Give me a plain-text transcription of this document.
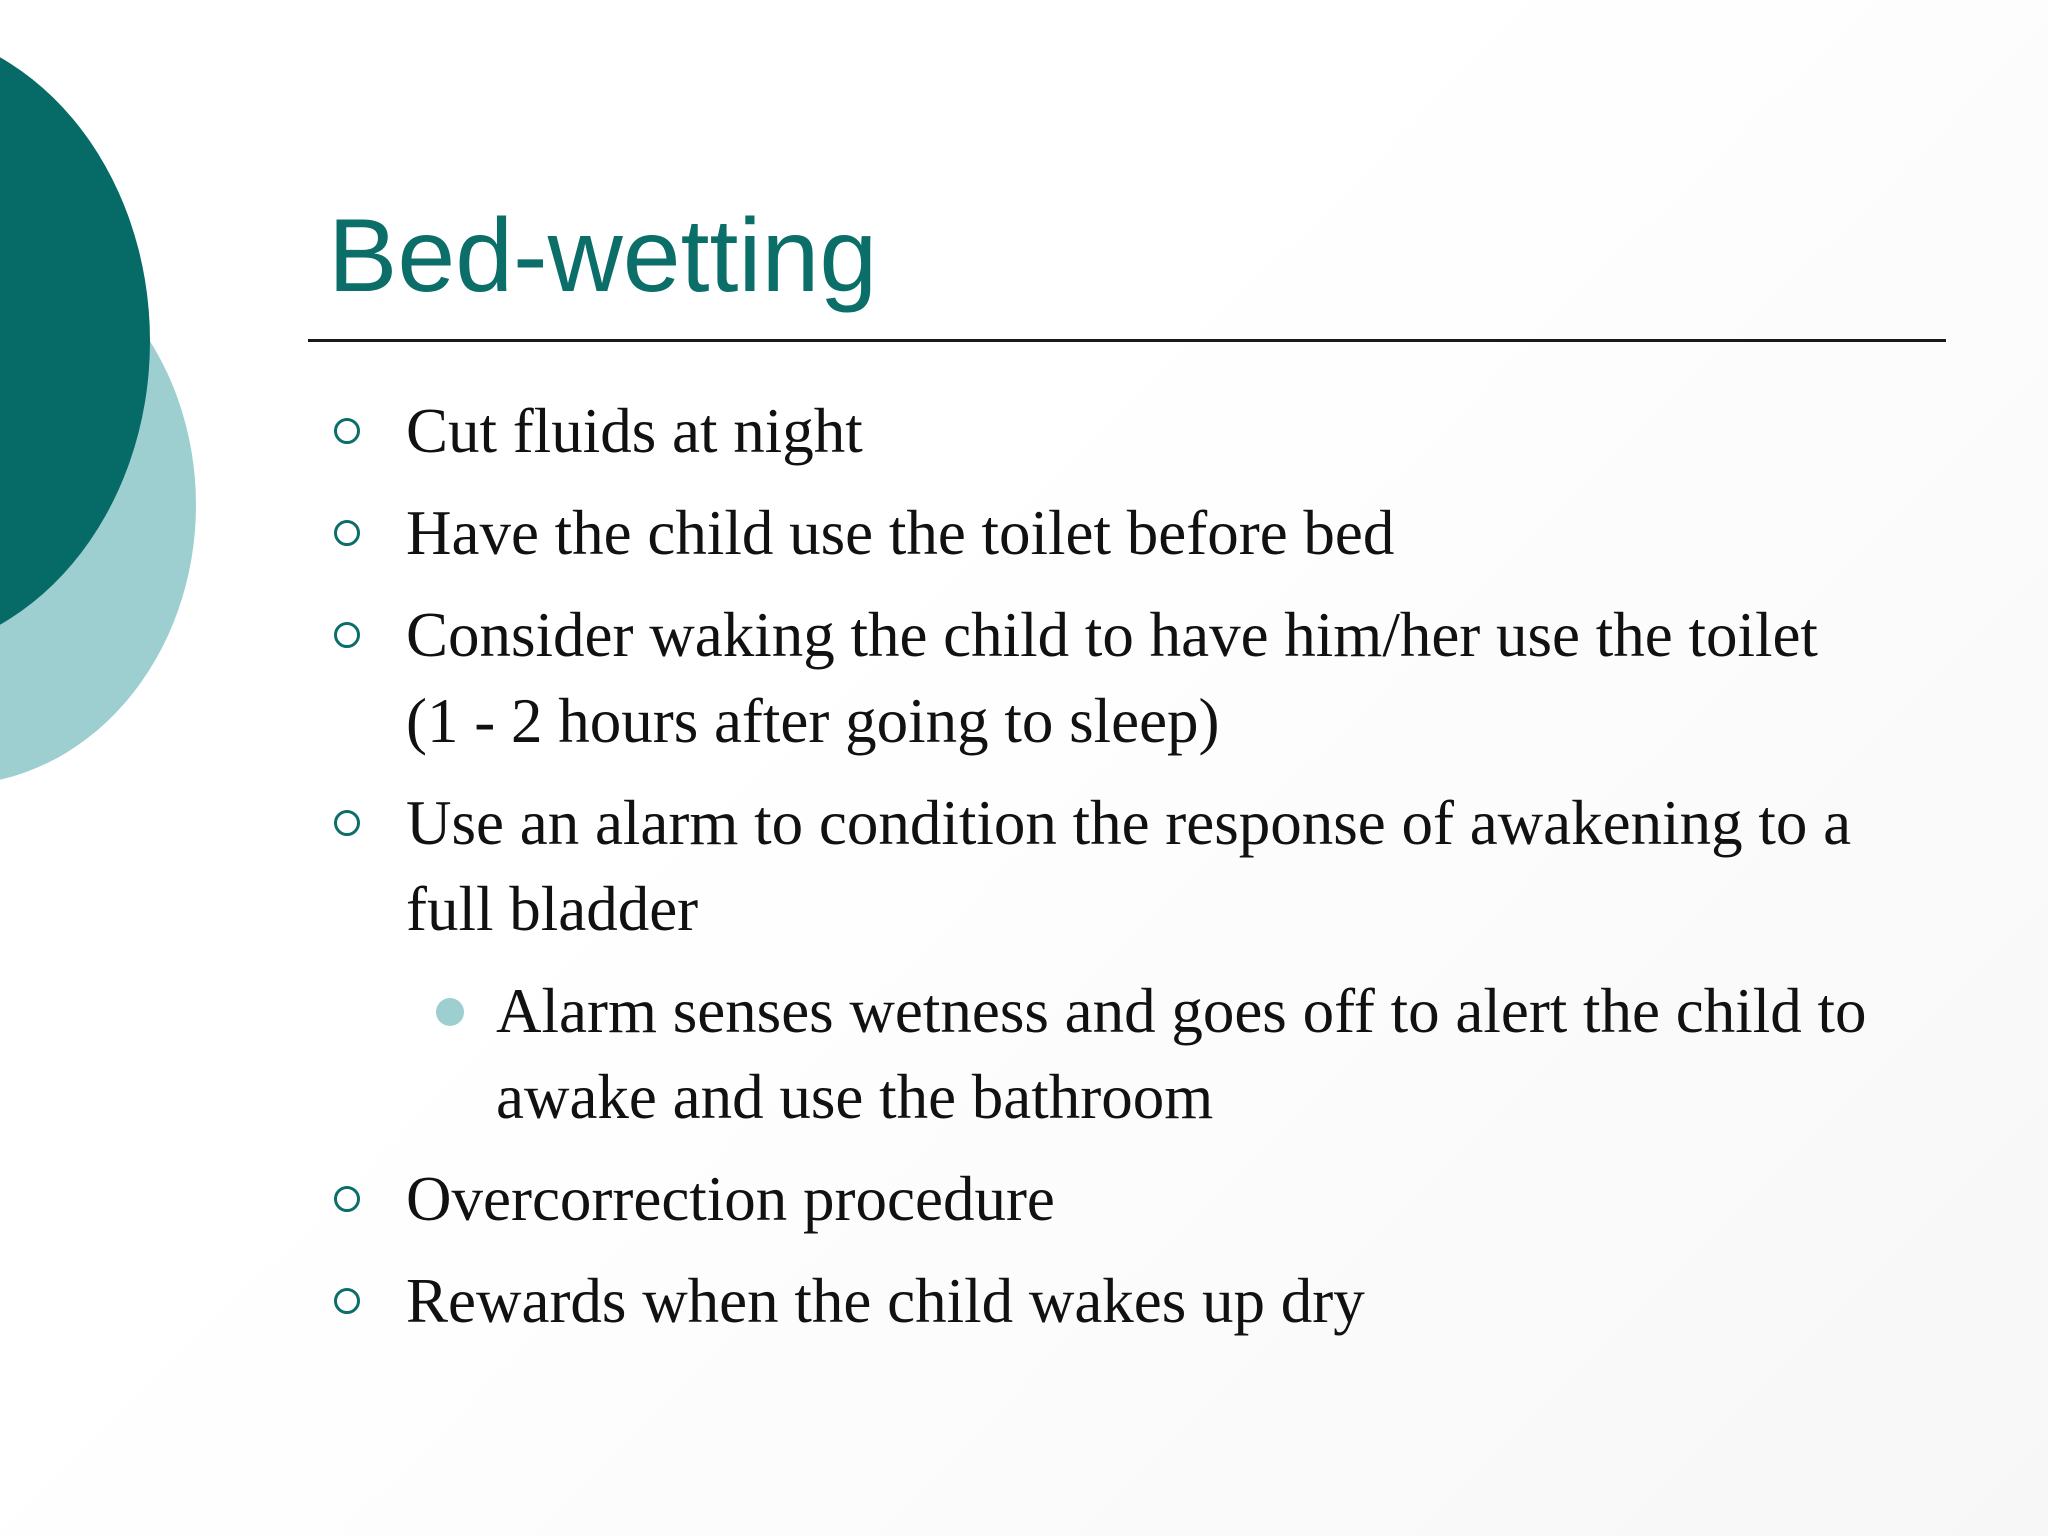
Bed-wetting
Cut fluids at night
Have the child use the toilet before bed
Consider waking the child to have him/her use the toilet (1 - 2 hours after going to sleep)
Use an alarm to condition the response of awakening to a full bladder
Alarm senses wetness and goes off to alert the child to awake and use the bathroom
Overcorrection procedure
Rewards when the child wakes up dry
